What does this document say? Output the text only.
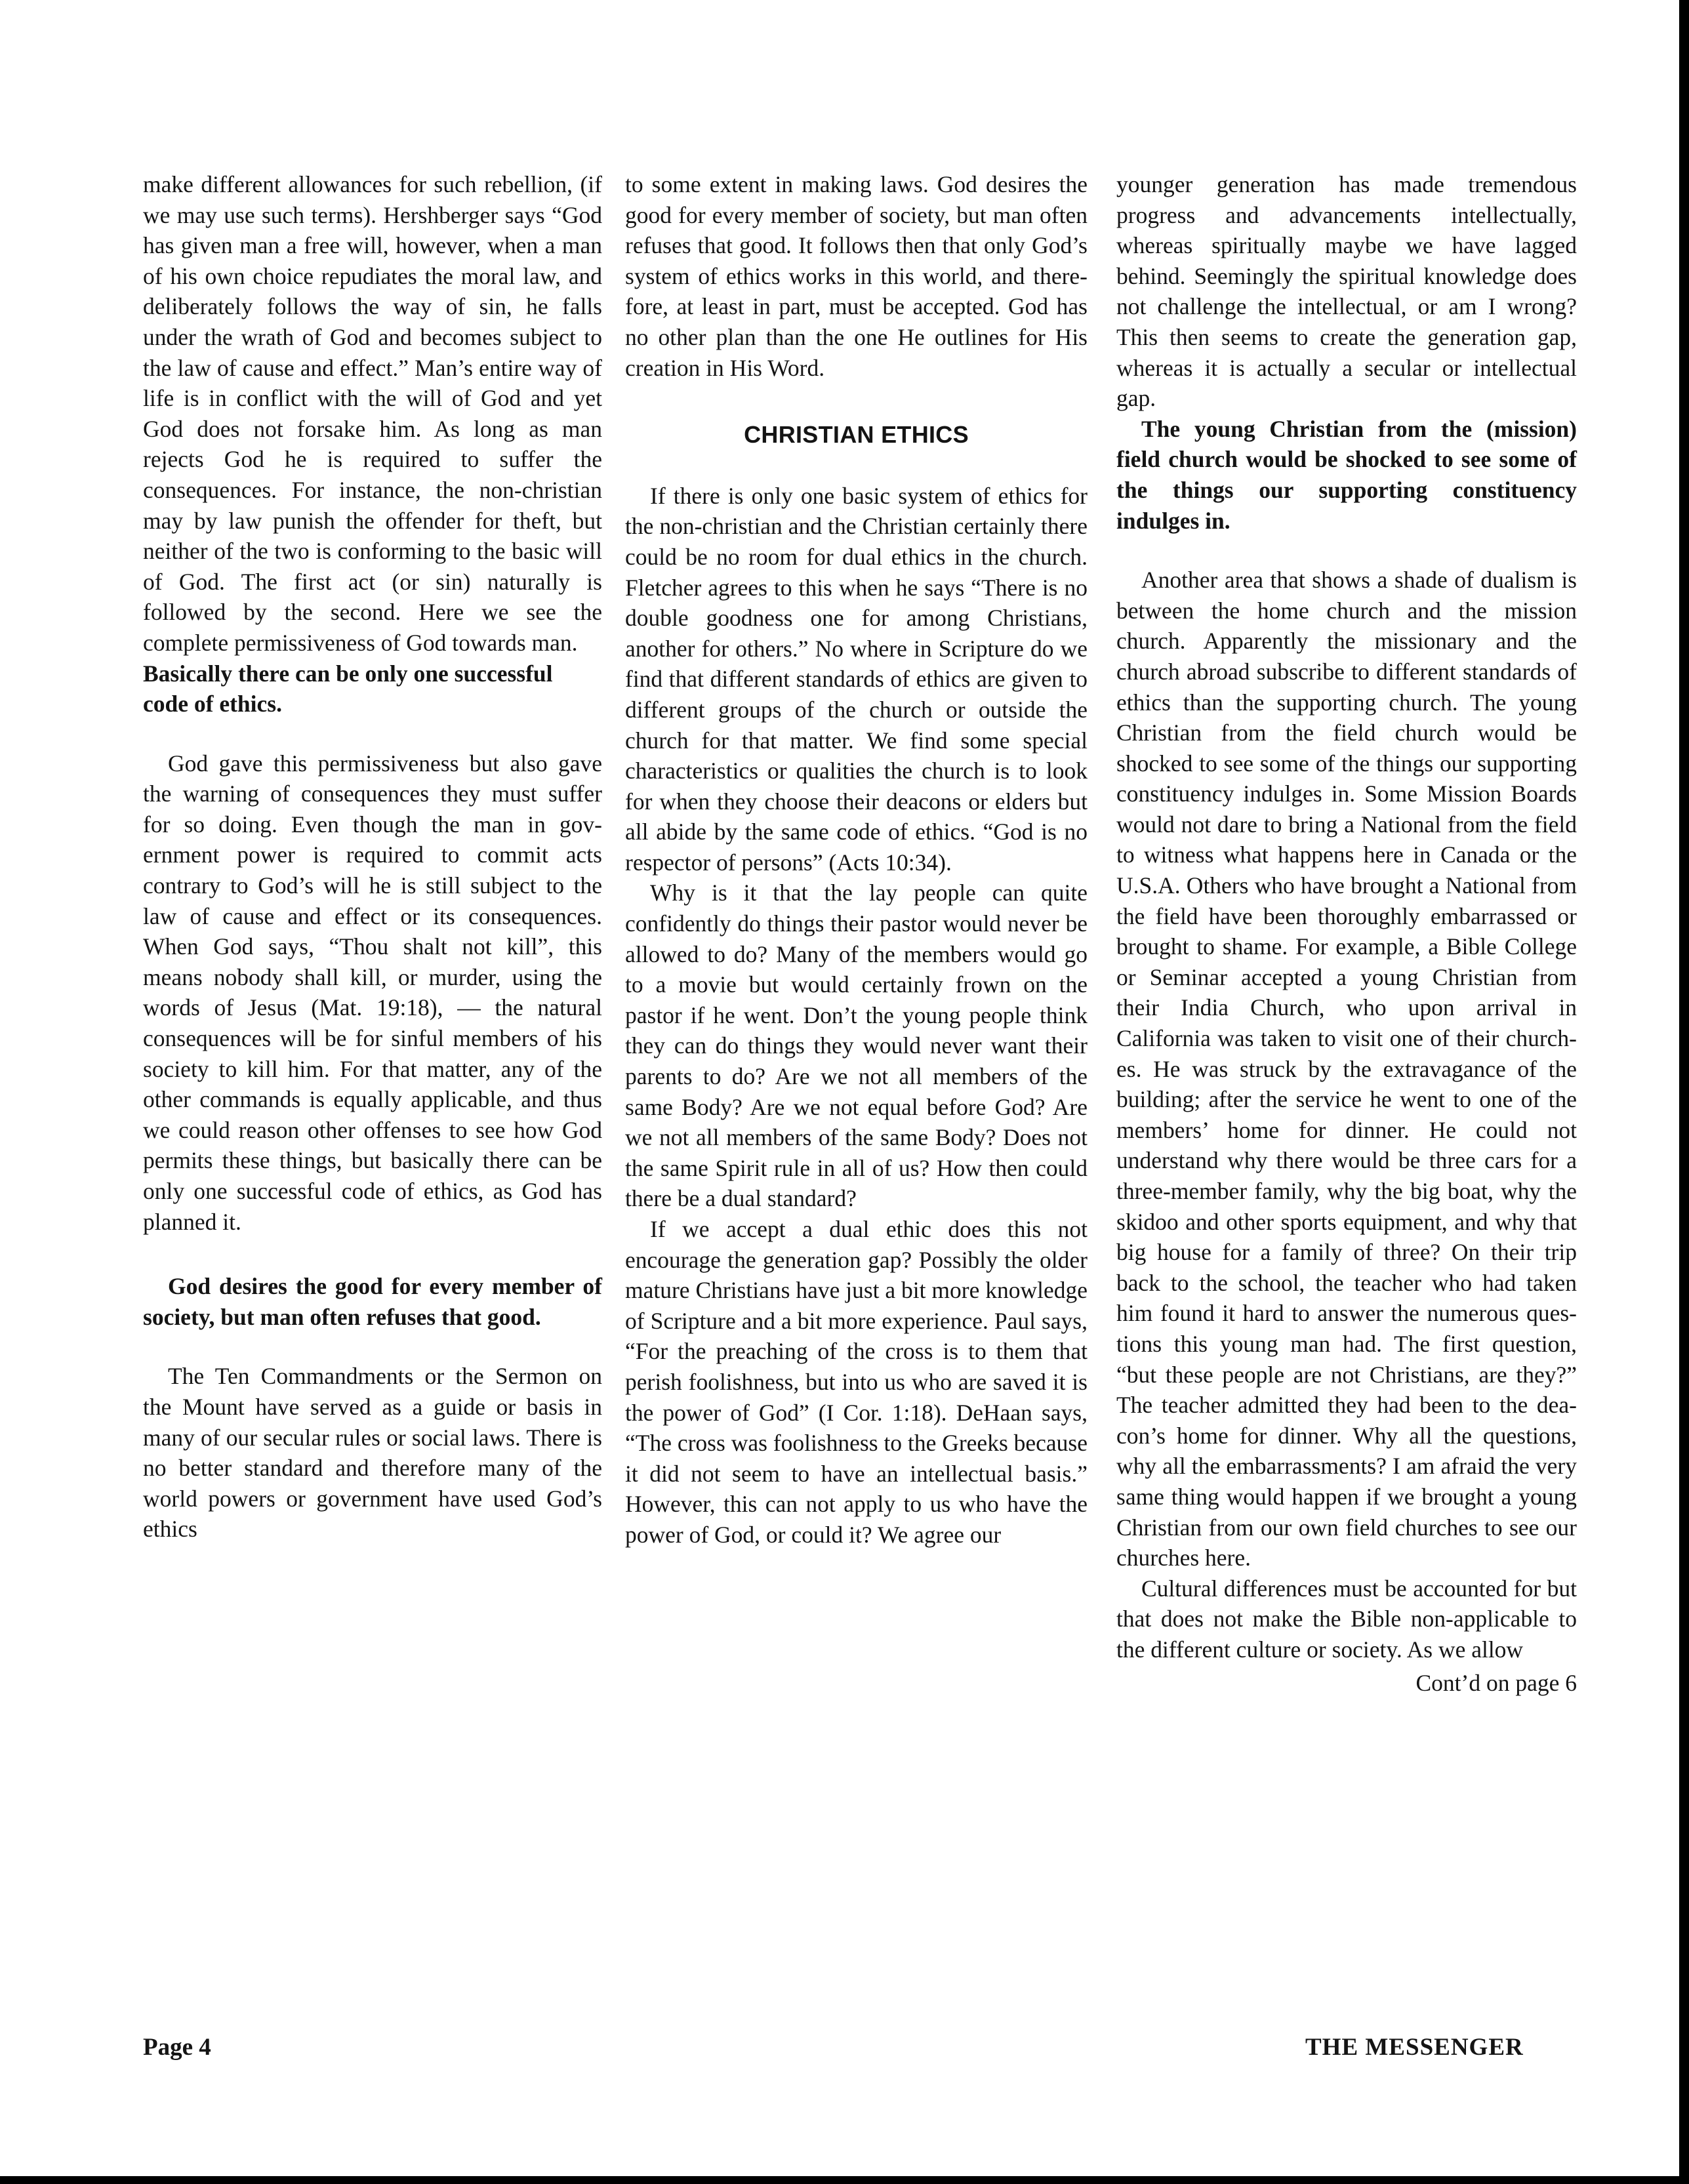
make different allowances for such rebellion, (if we may use such terms). Hershberger says “God has given man a free will, however, when a man of his own choice repudiates the moral law, and deliberately follows the way of sin, he falls under the wrath of God and becomes subject to the law of cause and effect.” Man’s entire way of life is in conflict with the will of God and yet God does not forsake him. As long as man rejects God he is required to suffer the consequences. For instance, the non-christian may by law punish the offender for theft, but neither of the two is conforming to the basic will of God. The first act (or sin) naturally is followed by the second. Here we see the complete permissiveness of God towards man.

Basically there can be only one successful code of ethics.

God gave this permissiveness but also gave the warning of consequences they must suffer for so doing. Even though the man in government power is required to commit acts contrary to God’s will he is still subject to the law of cause and effect or its consequences. When God says, “Thou shalt not kill”, this means nobody shall kill, or murder, using the words of Jesus (Mat. 19:18), — the natural consequences will be for sinful members of his society to kill him. For that matter, any of the other commands is equally applicable, and thus we could reason other offenses to see how God permits these things, but basically there can be only one successful code of ethics, as God has planned it.

God desires the good for every member of society, but man often refuses that good.

The Ten Commandments or the Sermon on the Mount have served as a guide or basis in many of our secular rules or social laws. There is no better standard and therefore many of the world powers or government have used God’s ethics

to some extent in making laws. God desires the good for every member of society, but man often refuses that good. It follows then that only God’s system of ethics works in this world, and therefore, at least in part, must be accepted. God has no other plan than the one He outlines for His creation in His Word.

CHRISTIAN ETHICS

If there is only one basic system of ethics for the non-christian and the Christian certainly there could be no room for dual ethics in the church. Fletcher agrees to this when he says “There is no double goodness one for among Christians, another for others.” No where in Scripture do we find that different standards of ethics are given to different groups of the church or outside the church for that matter. We find some special characteristics or qualities the church is to look for when they choose their deacons or elders but all abide by the same code of ethics. “God is no respector of persons” (Acts 10:34).

Why is it that the lay people can quite confidently do things their pastor would never be allowed to do? Many of the members would go to a movie but would certainly frown on the pastor if he went. Don’t the young people think they can do things they would never want their parents to do? Are we not all members of the same Body? Are we not equal before God? Are we not all members of the same Body? Does not the same Spirit rule in all of us? How then could there be a dual standard?

If we accept a dual ethic does this not encourage the generation gap? Possibly the older mature Christians have just a bit more knowledge of Scripture and a bit more experience. Paul says, “For the preaching of the cross is to them that perish foolishness, but into us who are saved it is the power of God” (I Cor. 1:18). DeHaan says, “The cross was foolishness to the Greeks because it did not seem to have an intellectual basis.” However, this can not apply to us who have the power of God, or could it? We agree our

younger generation has made tremendous progress and advancements intellectually, whereas spiritually maybe we have lagged behind. Seemingly the spiritual knowledge does not challenge the intellectual, or am I wrong? This then seems to create the generation gap, whereas it is actually a secular or intellectual gap.

The young Christian from the (mission) field church would be shocked to see some of the things our supporting constituency indulges in.

Another area that shows a shade of dualism is between the home church and the mission church. Apparently the missionary and the church abroad subscribe to different standards of ethics than the supporting church. The young Christian from the field church would be shocked to see some of the things our supporting constituency indulges in. Some Mission Boards would not dare to bring a National from the field to witness what happens here in Canada or the U.S.A. Others who have brought a National from the field have been thoroughly embarrassed or brought to shame. For example, a Bible College or Seminar accepted a young Christian from their India Church, who upon arrival in California was taken to visit one of their churches. He was struck by the extravagance of the building; after the service he went to one of the members’ home for dinner. He could not understand why there would be three cars for a three-member family, why the big boat, why the skidoo and other sports equipment, and why that big house for a family of three? On their trip back to the school, the teacher who had taken him found it hard to answer the numerous questions this young man had. The first question, “but these people are not Christians, are they?” The teacher admitted they had been to the deacon’s home for dinner. Why all the questions, why all the embarrassments? I am afraid the very same thing would happen if we brought a young Christian from our own field churches to see our churches here.

Cultural differences must be accounted for but that does not make the Bible non-applicable to the different culture or society. As we allow

Cont’d on page 6
Page 4	THE MESSENGER
